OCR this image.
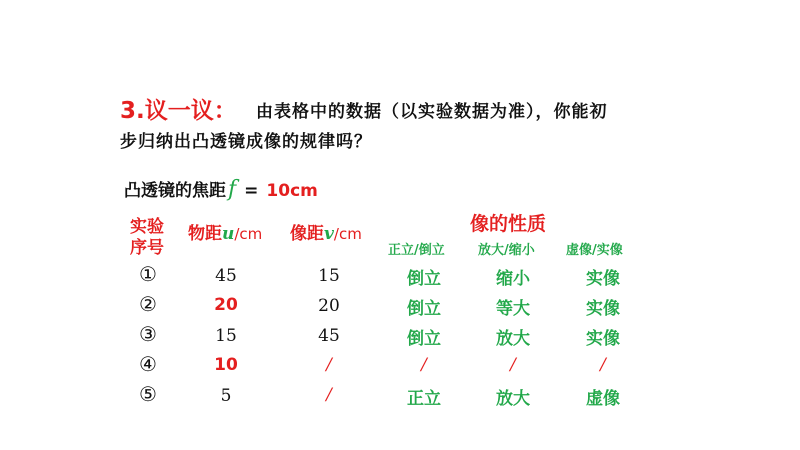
3.议一议： 由表格中的数据（以实验数据为准），你能初
步归纳出凸透镜成像的规律吗？
凸透镜的焦距f = 10cm
实验
序号
物距u/cm 像距v/cm	像的性质
正立/倒立	放大/缩小 虚像/实像
①	45	15	倒立	缩小	实像
②	20	20	倒立	等大	实像
③	15	45	倒立	放大	实像
④	10	/	/	/	/
⑤	5	/	正立	放大	虚像
